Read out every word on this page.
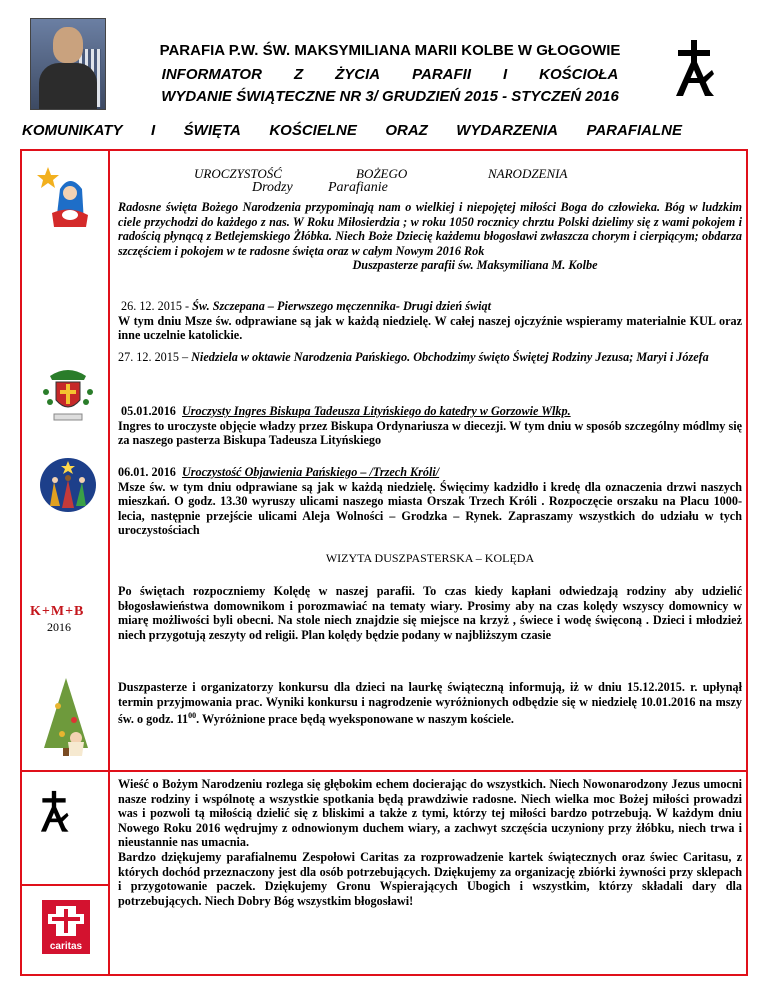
PARAFIA P.W. ŚW. MAKSYMILIANA MARII KOLBE W GŁOGOWIE
INFORMATOR Z ŻYCIA PARAFII I KOŚCIOŁA
WYDANIE ŚWIĄTECZNE NR 3/ GRUDZIEŃ 2015 - STYCZEŃ 2016
KOMUNIKATY I ŚWIĘTA KOŚCIELNE ORAZ WYDARZENIA PARAFIALNE
K+M+B
2016
caritas
UROCZYSTOŚĆ	BOŻEGO	NARODZENIA
Drodzy	Parafianie
Radosne święta Bożego Narodzenia przypominają nam o wielkiej i niepojętej miłości Boga do człowieka. Bóg w ludzkim ciele przychodzi do każdego z nas. W Roku Miłosierdzia ; w roku 1050 rocznicy chrztu Polski dzielimy się z wami pokojem i radością płynącą z Betlejemskiego Żłóbka. Niech Boże Dziecię każdemu błogosławi zwłaszcza chorym i cierpiącym; obdarza szczęściem i pokojem w te radosne święta oraz w całym Nowym 2016 Rok
Duszpasterze parafii św. Maksymiliana M. Kolbe
26. 12. 2015 - Św. Szczepana – Pierwszego męczennika- Drugi dzień świąt
W tym dniu Msze św. odprawiane są jak w każdą niedzielę. W całej naszej ojczyźnie wspieramy materialnie KUL oraz inne uczelnie katolickie.
27. 12. 2015 – Niedziela w oktawie Narodzenia Pańskiego. Obchodzimy święto Świętej Rodziny Jezusa; Maryi i Józefa
05.01.2016 Uroczysty Ingres Biskupa Tadeusza Lityńskiego do katedry w Gorzowie Wlkp.
Ingres to uroczyste objęcie władzy przez Biskupa Ordynariusza w diecezji. W tym dniu w sposób szczególny módlmy się za naszego pasterza Biskupa Tadeusza Lityńskiego
06.01. 2016 Uroczystość Objawienia Pańskiego – /Trzech Króli/
Msze św. w tym dniu odprawiane są jak w każdą niedzielę. Święcimy kadzidło i kredę dla oznaczenia drzwi naszych mieszkań. O godz. 13.30 wyruszy ulicami naszego miasta Orszak Trzech Króli . Rozpoczęcie orszaku na Placu 1000- lecia, następnie przejście ulicami Aleja Wolności – Grodzka – Rynek. Zapraszamy wszystkich do udziału w tych uroczystościach
WIZYTA DUSZPASTERSKA – KOLĘDA
Po świętach rozpoczniemy Kolędę w naszej parafii. To czas kiedy kapłani odwiedzają rodziny aby udzielić błogosławieństwa domownikom i porozmawiać na tematy wiary. Prosimy aby na czas kolędy wszyscy domownicy w miarę możliwości byli obecni. Na stole niech znajdzie się miejsce na krzyż , świece i wodę święconą . Dzieci i młodzież niech przygotują zeszyty od religii. Plan kolędy będzie podany w najbliższym czasie
Duszpasterze i organizatorzy konkursu dla dzieci na laurkę świąteczną informują, iż w dniu 15.12.2015. r. upłynął termin przyjmowania prac. Wyniki konkursu i nagrodzenie wyróżnionych odbędzie się w niedzielę 10.01.2016 na mszy św. o godz. $11^{00}$. Wyróżnione prace będą wyeksponowane w naszym kościele.
Wieść o Bożym Narodzeniu rozlega się głębokim echem docierając do wszystkich. Niech Nowonarodzony Jezus umocni nasze rodziny i wspólnotę a wszystkie spotkania będą prawdziwie radosne. Niech wielka moc Bożej miłości prowadzi was i pozwoli tą miłością dzielić się z bliskimi a także z tymi, którzy tej miłości bardzo potrzebują. W każdym dniu Nowego Roku 2016 wędrujmy z odnowionym duchem wiary, a zachwyt szczęścia uczyniony przy żłóbku, niech trwa i nieustannie nas umacnia.
Bardzo dziękujemy parafialnemu Zespołowi Caritas za rozprowadzenie kartek świątecznych oraz świec Caritasu, z których dochód przeznaczony jest dla osób potrzebujących. Dziękujemy za organizację zbiórki żywności przy sklepach i przygotowanie paczek. Dziękujemy Gronu Wspierających Ubogich i wszystkim, którzy składali dary dla potrzebujących. Niech Dobry Bóg wszystkim błogosławi!
